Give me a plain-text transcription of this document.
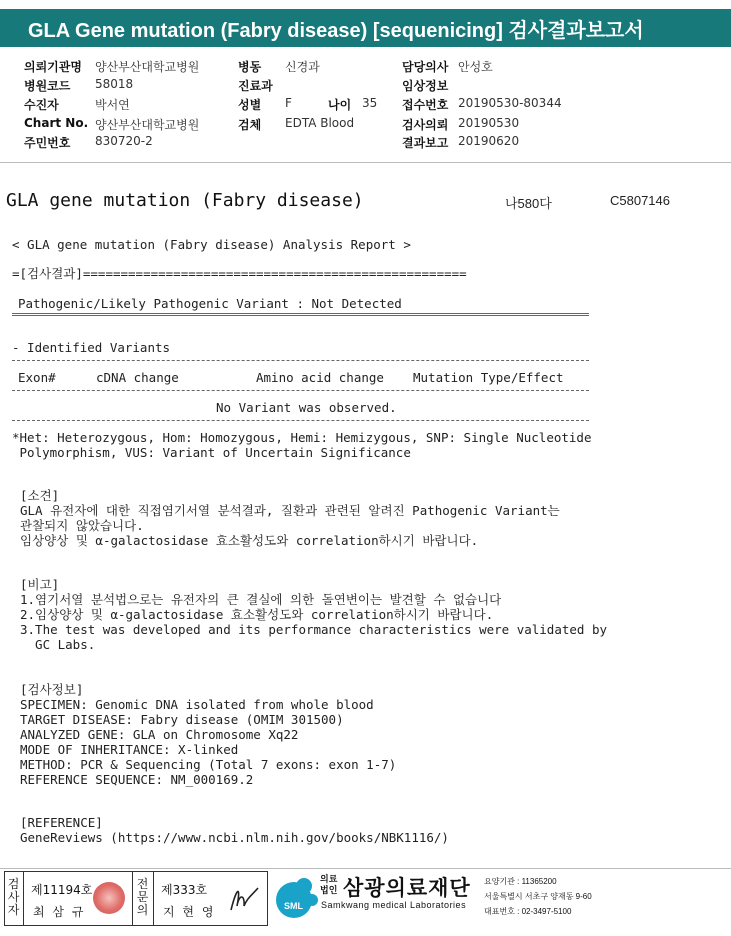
GLA Gene mutation (Fabry disease) [sequenicing] 검사결과보고서
의뢰기관명 양산부산대학교병원
병원코드 58018
수진자	박서연
Chart No. 양산부산대학교병원
주민번호 830720-2
병동 신경과
진료과
성별 F	나이 35
검체 EDTA Blood
담당의사 안성호
임상정보
접수번호 20190530-80344
검사의뢰 20190530
결과보고 20190620
GLA gene mutation (Fabry disease)	나580다	C5807146
< GLA gene mutation (Fabry disease) Analysis Report >
=[검사결과]===================================================
Pathogenic/Likely Pathogenic Variant : Not Detected
- Identified Variants
Exon#	cDNA change	Amino acid change Mutation Type/Effect
No Variant was observed.
*Het: Heterozygous, Hom: Homozygous, Hemi: Hemizygous, SNP: Single Nucleotide
Polymorphism, VUS: Variant of Uncertain Significance
[소견]
GLA 유전자에 대한 직접염기서열 분석결과, 질환과 관련된 알려진 Pathogenic Variant는
관찰되지 않았습니다.
임상양상 및 α-galactosidase 효소활성도와 correlation하시기 바랍니다.
[비고]
1.염기서열 분석법으로는 유전자의 큰 결실에 의한 돌연변이는 발견할 수 없습니다
2.임상양상 및 α-galactosidase 효소활성도와 correlation하시기 바랍니다.
3.The test was developed and its performance characteristics were validated by
GC Labs.
[검사정보]
SPECIMEN: Genomic DNA isolated from whole blood
TARGET DISEASE: Fabry disease (OMIM 301500)
ANALYZED GENE: GLA on Chromosome Xq22
MODE OF INHERITANCE: X-linked
METHOD: PCR & Sequencing (Total 7 exons: exon 1-7)
REFERENCE SEQUENCE: NM_000169.2
[REFERENCE]
GeneReviews (https://www.ncbi.nlm.nih.gov/books/NBK1116/)
검사자
제11194호
최 삼 규
전문의
제333호
지 현 영	SML
의료법인 삼광의료재단
Samkwang medical Laboratories
요양기관 : 11365200
서울특별시 서초구 양재동 9-60
대표번호 : 02-3497-5100
